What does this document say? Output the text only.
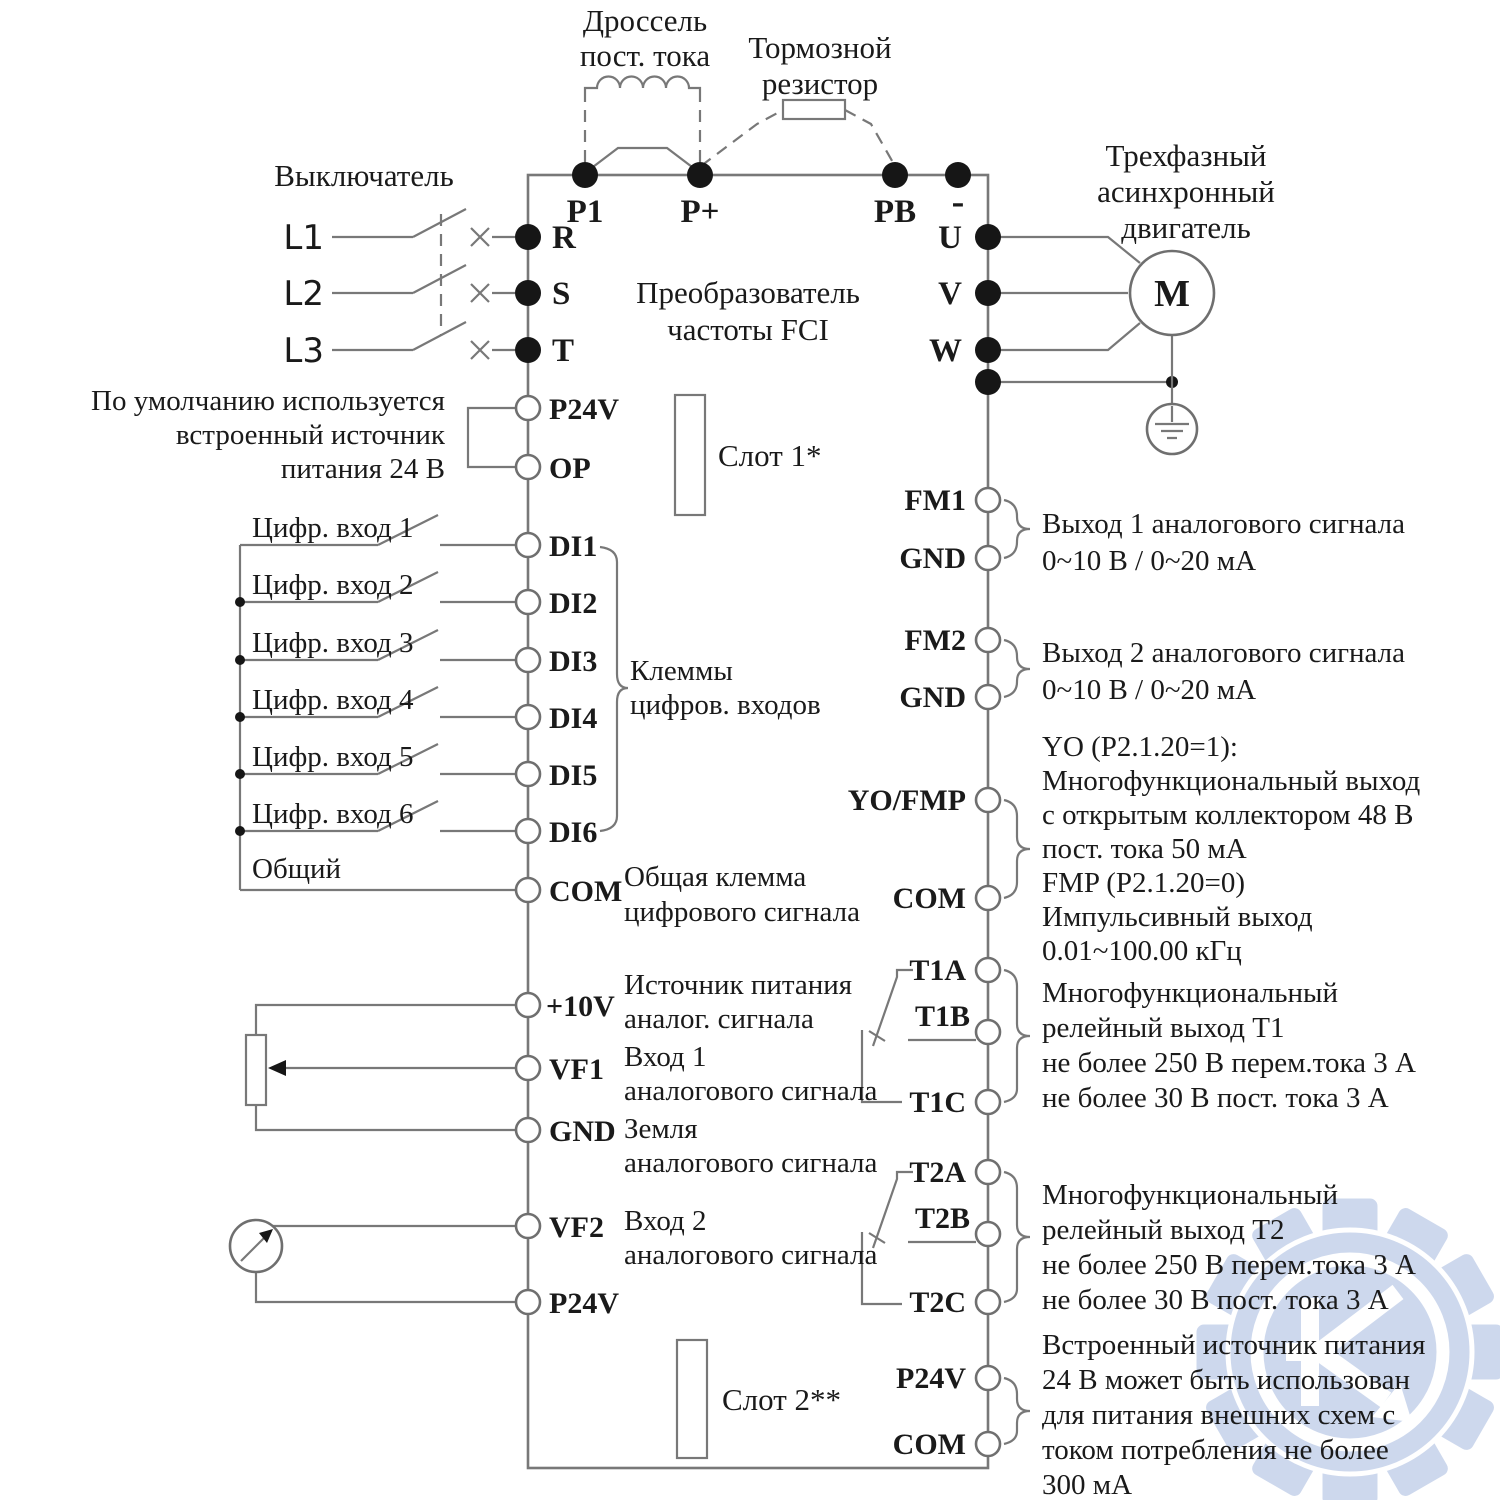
Дроссель
пост. тока Тормозной
резистор
P1 P+	PB -
Выключатель
L1
L2
L3
R
S
T
Преобразователь
частоты FCI
Слот 1*
Слот 2**
U
V
W
M
Трехфазный
асинхронный
двигатель
P24V
OP
DI1
DI2
DI3
DI4
DI5
DI6
COM
+10V
VF1
GND
VF2
P24V
По умолчанию используется
встроенный источник
питания 24 В
Цифр. вход 1
Цифр. вход 2
Цифр. вход 3
Цифр. вход 4
Цифр. вход 5
Цифр. вход 6
Общий
Клеммы
цифров. входов
Общая клемма
цифрового сигнала
Источник питания
аналог. сигнала
Вход 1
аналогового сигнала
Земля
аналогового сигнала
Вход 2
аналогового сигнала
FM1
GND
FM2
GND
YO/FMP
COM
T1A
T1B
T1C
T2A
T2B
T2C
P24V
COM
Выход 1 аналогового сигнала
0~10 В / 0~20 мА
Выход 2 аналогового сигнала
0~10 В / 0~20 мА
YO (P2.1.20=1):
Многофункциональный выход
с открытым коллектором 48 В
пост. тока 50 мА
FMP (P2.1.20=0)
Импульсивный выход
0.01~100.00 кГц
Многофункциональный
релейный выход Т1
не более 250 В перем.тока 3 А
не более 30 В пост. тока 3 А
Многофункциональный
релейный выход Т2
не более 250 В перем.тока 3 А
не более 30 В пост. тока 3 А
Встроенный источник питания
24 В может быть использован
для питания внешних схем с
током потребления не более
300 мА
